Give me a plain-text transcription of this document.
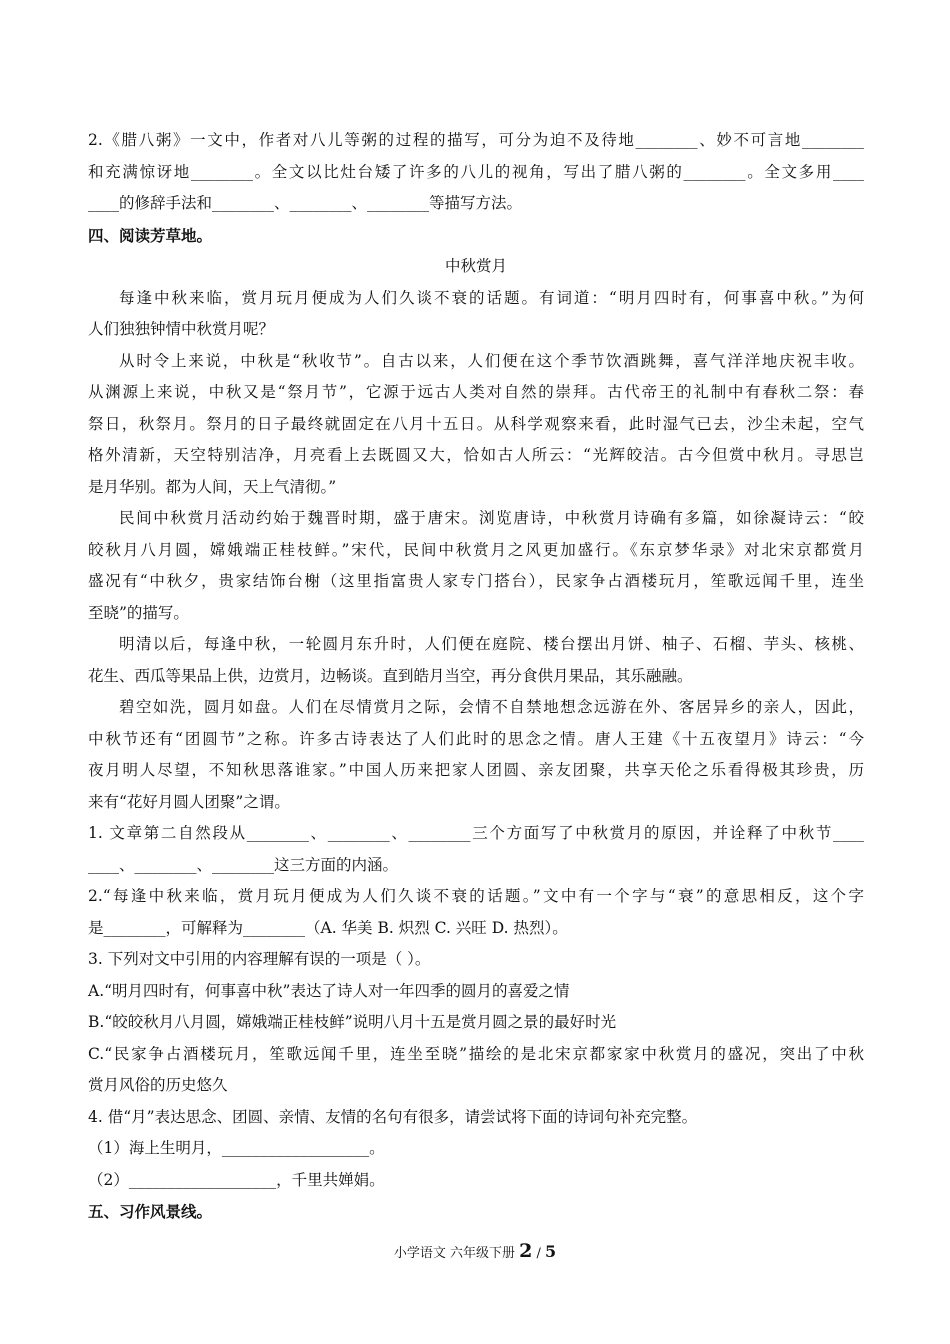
2.《腊八粥》一文中，作者对八儿等粥的过程的描写，可分为迫不及待地________、妙不可言地________
和充满惊讶地________。全文以比灶台矮了许多的八儿的视角，写出了腊八粥的________。全文多用____
____的修辞手法和________、________、________等描写方法。
四、阅读芳草地。
中秋赏月
每逢中秋来临，赏月玩月便成为人们久谈不衰的话题。有词道：“明月四时有，何事喜中秋。”为何
人们独独钟情中秋赏月呢？
从时令上来说，中秋是“秋收节”。自古以来，人们便在这个季节饮酒跳舞，喜气洋洋地庆祝丰收。
从渊源上来说，中秋又是“祭月节”，它源于远古人类对自然的崇拜。古代帝王的礼制中有春秋二祭：春
祭日，秋祭月。祭月的日子最终就固定在八月十五日。从科学观察来看，此时湿气已去，沙尘未起，空气
格外清新，天空特别洁净，月亮看上去既圆又大，恰如古人所云：“光辉皎洁。古今但赏中秋月。寻思岂
是月华别。都为人间，天上气清彻。”
民间中秋赏月活动约始于魏晋时期，盛于唐宋。浏览唐诗，中秋赏月诗确有多篇，如徐凝诗云：“皎
皎秋月八月圆，嫦娥端正桂枝鲜。”宋代，民间中秋赏月之风更加盛行。《东京梦华录》对北宋京都赏月
盛况有“中秋夕，贵家结饰台榭（这里指富贵人家专门搭台），民家争占酒楼玩月，笙歌远闻千里，连坐
至晓”的描写。
明清以后，每逢中秋，一轮圆月东升时，人们便在庭院、楼台摆出月饼、柚子、石榴、芋头、核桃、
花生、西瓜等果品上供，边赏月，边畅谈。直到皓月当空，再分食供月果品，其乐融融。
碧空如洗，圆月如盘。人们在尽情赏月之际，会情不自禁地想念远游在外、客居异乡的亲人，因此，
中秋节还有“团圆节”之称。许多古诗表达了人们此时的思念之情。唐人王建《十五夜望月》诗云：“今
夜月明人尽望，不知秋思落谁家。”中国人历来把家人团圆、亲友团聚，共享天伦之乐看得极其珍贵，历
来有“花好月圆人团聚”之谓。
1. 文章第二自然段从________、________、________三个方面写了中秋赏月的原因，并诠释了中秋节____
____、________、________这三方面的内涵。
2.“每逢中秋来临，赏月玩月便成为人们久谈不衰的话题。”文中有一个字与“衰”的意思相反，这个字
是________，可解释为________（A. 华美 B. 炽烈 C. 兴旺 D. 热烈）。
3. 下列对文中引用的内容理解有误的一项是（ ）。
A.“明月四时有，何事喜中秋”表达了诗人对一年四季的圆月的喜爱之情
B.“皎皎秋月八月圆，嫦娥端正桂枝鲜”说明八月十五是赏月圆之景的最好时光
C.“民家争占酒楼玩月，笙歌远闻千里，连坐至晓”描绘的是北宋京都家家中秋赏月的盛况，突出了中秋
赏月风俗的历史悠久
4. 借“月”表达思念、团圆、亲情、友情的名句有很多，请尝试将下面的诗词句补充完整。
（1）海上生明月，___________________。
（2）___________________，千里共婵娟。
五、习作风景线。
小学语文 六年级下册 2 / 5
